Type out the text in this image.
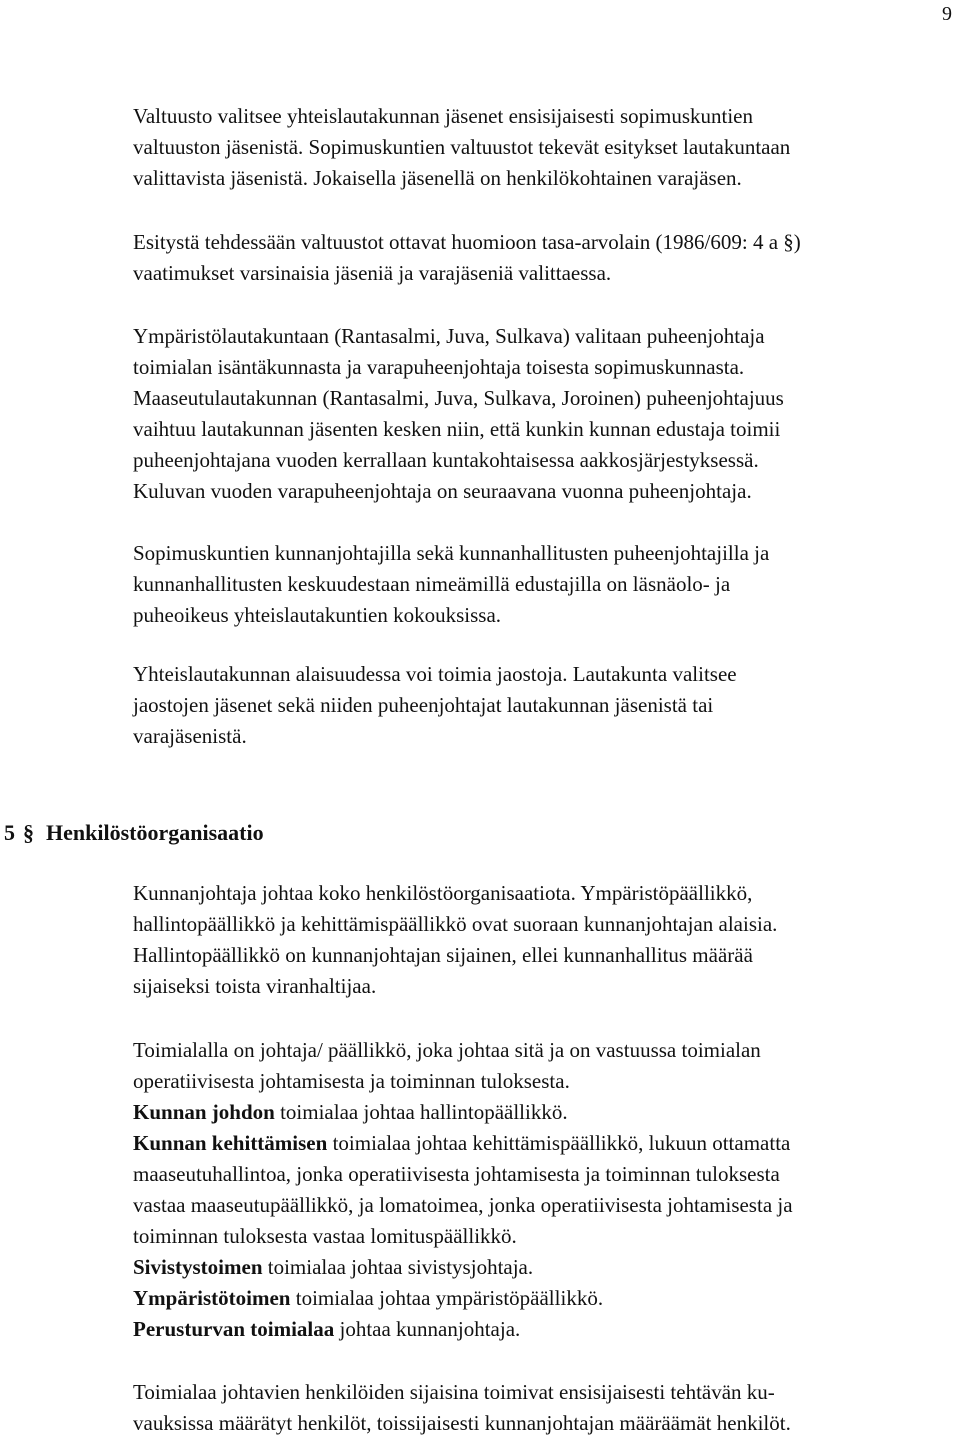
9
Valtuusto valitsee yhteislautakunnan jäsenet ensisijaisesti sopimuskuntien
valtuuston jäsenistä. Sopimuskuntien valtuustot tekevät esitykset lautakuntaan
valittavista jäsenistä. Jokaisella jäsenellä on henkilökohtainen varajäsen.
Esitystä tehdessään valtuustot ottavat huomioon tasa-arvolain (1986/609: 4 a §)
vaatimukset varsinaisia jäseniä ja varajäseniä valittaessa.
Ympäristölautakuntaan (Rantasalmi, Juva, Sulkava) valitaan puheenjohtaja
toimialan isäntäkunnasta ja varapuheenjohtaja toisesta sopimuskunnasta.
Maaseutulautakunnan (Rantasalmi, Juva, Sulkava, Joroinen) puheenjohtajuus
vaihtuu lautakunnan jäsenten kesken niin, että kunkin kunnan edustaja toimii
puheenjohtajana vuoden kerrallaan kuntakohtaisessa aakkosjärjestyksessä.
Kuluvan vuoden varapuheenjohtaja on seuraavana vuonna puheenjohtaja.
Sopimuskuntien kunnanjohtajilla sekä kunnanhallitusten puheenjohtajilla ja
kunnanhallitusten keskuudestaan nimeämillä edustajilla on läsnäolo- ja
puheoikeus yhteislautakuntien kokouksissa.
Yhteislautakunnan alaisuudessa voi toimia jaostoja. Lautakunta valitsee
jaostojen jäsenet sekä niiden puheenjohtajat lautakunnan jäsenistä tai
varajäsenistä.
5 § Henkilöstöorganisaatio
Kunnanjohtaja johtaa koko henkilöstöorganisaatiota. Ympäristöpäällikkö,
hallintopäällikkö ja kehittämispäällikkö ovat suoraan kunnanjohtajan alaisia.
Hallintopäällikkö on kunnanjohtajan sijainen, ellei kunnanhallitus määrää
sijaiseksi toista viranhaltijaa.
Toimialalla on johtaja/ päällikkö, joka johtaa sitä ja on vastuussa toimialan
operatiivisesta johtamisesta ja toiminnan tuloksesta.
Kunnan johdon toimialaa johtaa hallintopäällikkö.
Kunnan kehittämisen toimialaa johtaa kehittämispäällikkö, lukuun ottamatta
maaseutuhallintoa, jonka operatiivisesta johtamisesta ja toiminnan tuloksesta
vastaa maaseutupäällikkö, ja lomatoimea, jonka operatiivisesta johtamisesta ja
toiminnan tuloksesta vastaa lomituspäällikkö.
Sivistystoimen toimialaa johtaa sivistysjohtaja.
Ympäristötoimen toimialaa johtaa ympäristöpäällikkö.
Perusturvan toimialaa johtaa kunnanjohtaja.
Toimialaa johtavien henkilöiden sijaisina toimivat ensisijaisesti tehtävän ku-
vauksissa määrätyt henkilöt, toissijaisesti kunnanjohtajan määräämät henkilöt.
